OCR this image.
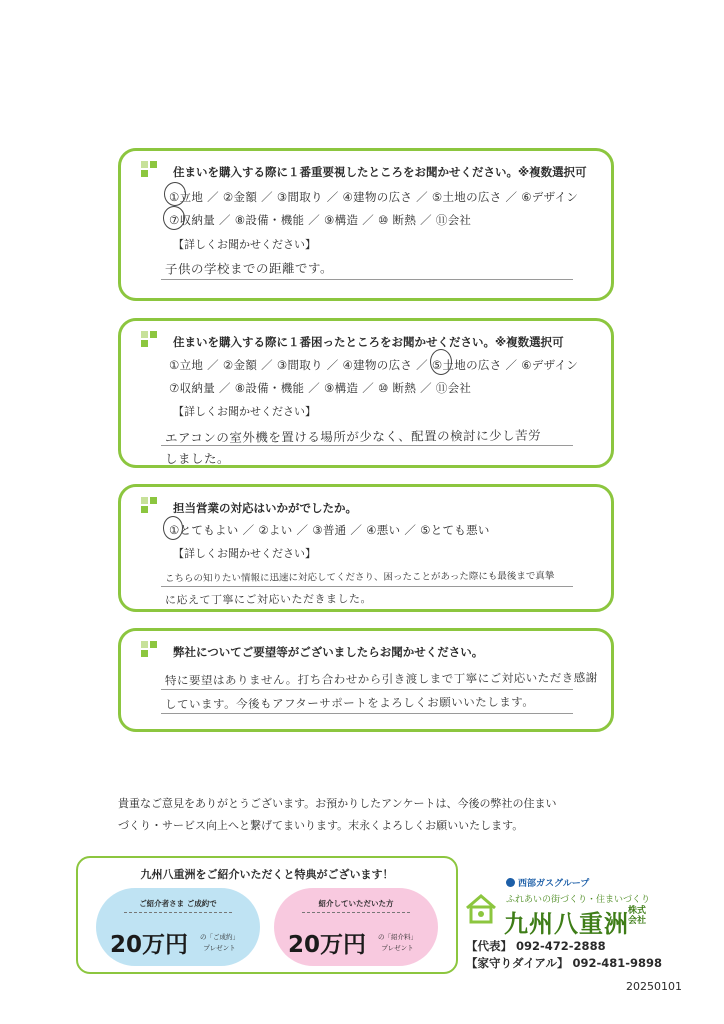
住まいを購入する際に１番重要視したところをお聞かせください。※複数選択可
①立地 ／ ②金額 ／ ③間取り ／ ④建物の広さ ／ ⑤土地の広さ ／ ⑥デザイン
⑦収納量 ／ ⑧設備・機能 ／ ⑨構造 ／ ⑩ 断熱 ／ ⑪会社
【詳しくお聞かせください】
子供の学校までの距離です。
住まいを購入する際に１番困ったところをお聞かせください。※複数選択可
①立地 ／ ②金額 ／ ③間取り ／ ④建物の広さ ／ ⑤土地の広さ ／ ⑥デザイン
⑦収納量 ／ ⑧設備・機能 ／ ⑨構造 ／ ⑩ 断熱 ／ ⑪会社
【詳しくお聞かせください】
エアコンの室外機を置ける場所が少なく、配置の検討に少し苦労
しました。
担当営業の対応はいかがでしたか。
①とてもよい ／ ②よい ／ ③普通 ／ ④悪い ／ ⑤とても悪い
【詳しくお聞かせください】
こちらの知りたい情報に迅速に対応してくださり、困ったことがあった際にも最後まで真摯
に応えて丁寧にご対応いただきました。
弊社についてご要望等がございましたらお聞かせください。
特に要望はありません。打ち合わせから引き渡しまで丁寧にご対応いただき感謝
しています。今後もアフターサポートをよろしくお願いいたします。
貴重なご意見をありがとうございます。お預かりしたアンケートは、今後の弊社の住まい
づくり・サービス向上へと繋げてまいります。末永くよろしくお願いいたします。
九州八重洲をご紹介いただくと特典がございます！
ご紹介者さま ご成約で
20万円 の「ご成約」
プレゼント
紹介していただいた方
20万円 の「紹介料」
プレゼント
西部ガスグループ
ふれあいの街づくり・住まいづくり
九州八重洲 株式
会社
【代表】 092-472-2888
【家守りダイアル】 092-481-9898
20250101
